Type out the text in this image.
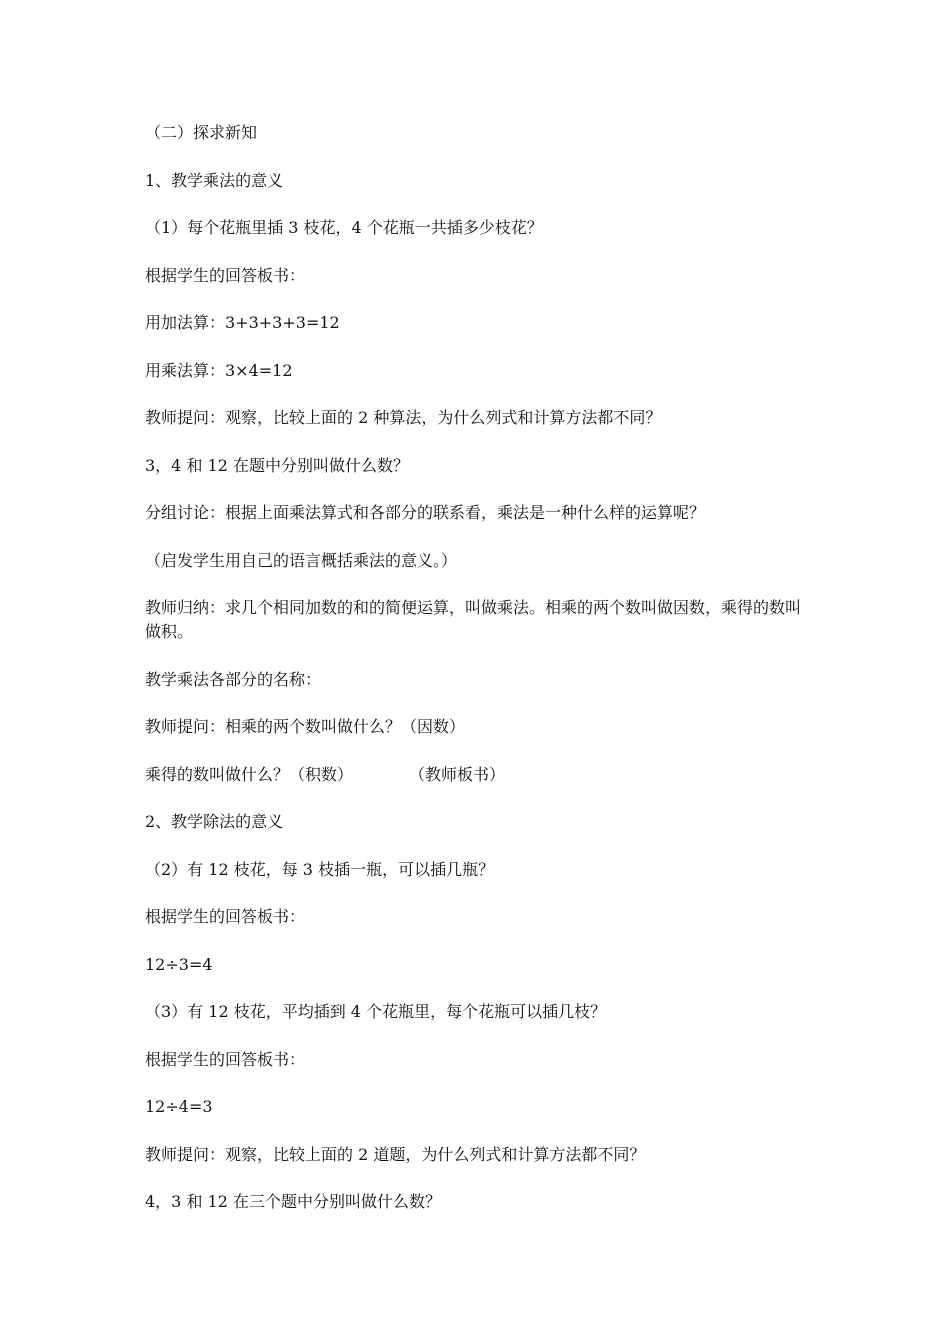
（二）探求新知

1、教学乘法的意义

（1）每个花瓶里插 3 枝花，4 个花瓶一共插多少枝花？

根据学生的回答板书：

用加法算：3+3+3+3=12

用乘法算：3×4=12

教师提问：观察，比较上面的 2 种算法，为什么列式和计算方法都不同？

3，4 和 12 在题中分别叫做什么数？

分组讨论：根据上面乘法算式和各部分的联系看，乘法是一种什么样的运算呢？

（启发学生用自己的语言概括乘法的意义。）

教师归纳：求几个相同加数的和的简便运算，叫做乘法。相乘的两个数叫做因数，乘得的数叫做积。

教学乘法各部分的名称：

教师提问：相乘的两个数叫做什么？（因数）

乘得的数叫做什么？（积数）	（教师板书）

2、教学除法的意义

（2）有 12 枝花，每 3 枝插一瓶，可以插几瓶？

根据学生的回答板书：

12÷3=4

（3）有 12 枝花，平均插到 4 个花瓶里，每个花瓶可以插几枝？

根据学生的回答板书：

12÷4=3

教师提问：观察，比较上面的 2 道题，为什么列式和计算方法都不同？

4，3 和 12 在三个题中分别叫做什么数？
